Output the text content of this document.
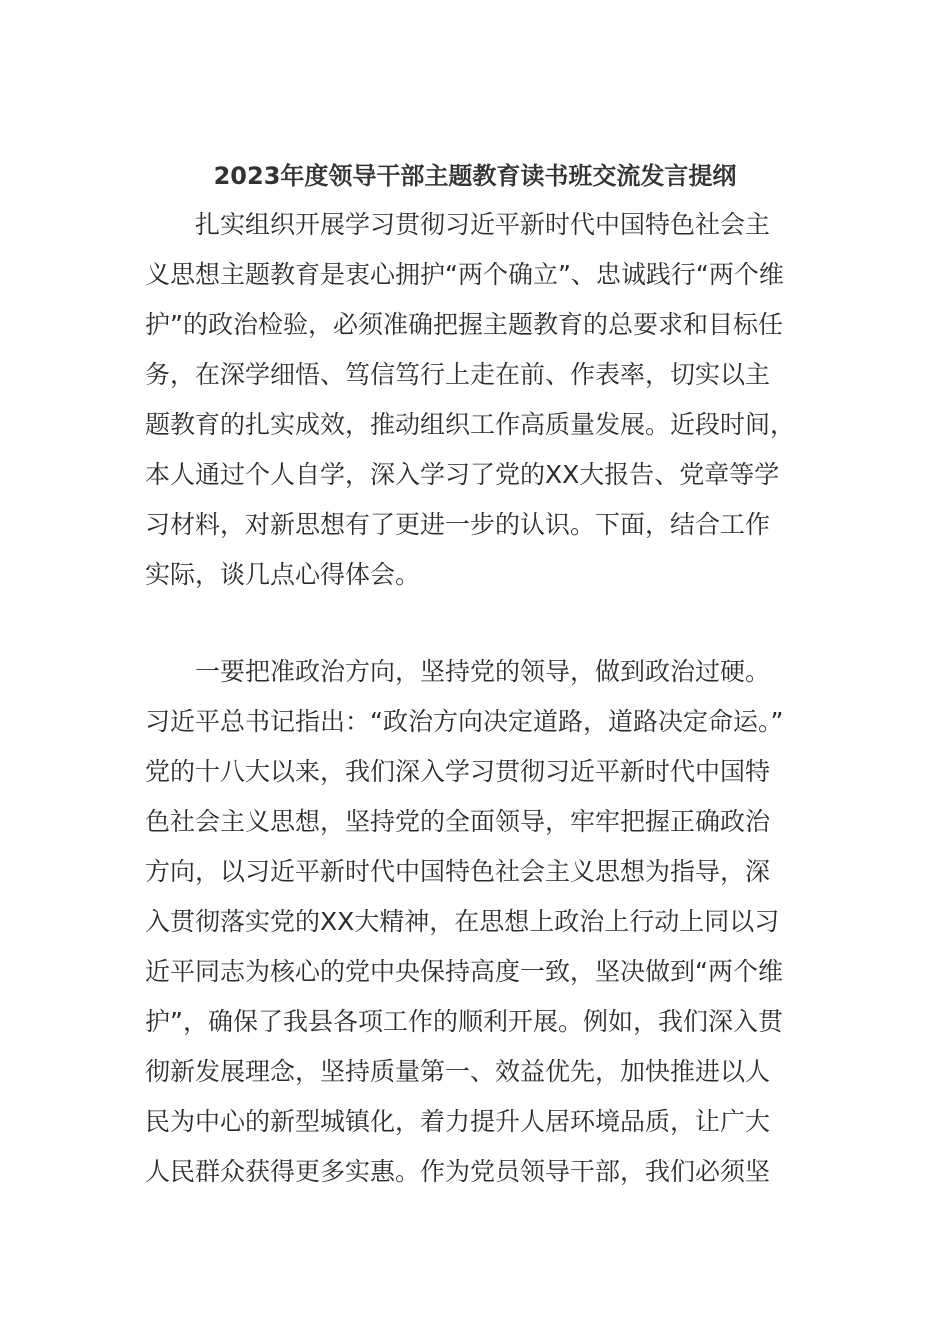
2023年度领导干部主题教育读书班交流发言提纲
扎实组织开展学习贯彻习近平新时代中国特色社会主
义思想主题教育是衷心拥护“两个确立”、忠诚践行“两个维
护”的政治检验，必须准确把握主题教育的总要求和目标任
务，在深学细悟、笃信笃行上走在前、作表率，切实以主
题教育的扎实成效，推动组织工作高质量发展。近段时间，
本人通过个人自学，深入学习了党的XX大报告、党章等学
习材料，对新思想有了更进一步的认识。下面，结合工作
实际，谈几点心得体会。
一要把准政治方向，坚持党的领导，做到政治过硬。
习近平总书记指出：“政治方向决定道路，道路决定命运。”
党的十八大以来，我们深入学习贯彻习近平新时代中国特
色社会主义思想，坚持党的全面领导，牢牢把握正确政治
方向，以习近平新时代中国特色社会主义思想为指导，深
入贯彻落实党的XX大精神，在思想上政治上行动上同以习
近平同志为核心的党中央保持高度一致，坚决做到“两个维
护”，确保了我县各项工作的顺利开展。例如，我们深入贯
彻新发展理念，坚持质量第一、效益优先，加快推进以人
民为中心的新型城镇化，着力提升人居环境品质，让广大
人民群众获得更多实惠。作为党员领导干部，我们必须坚
